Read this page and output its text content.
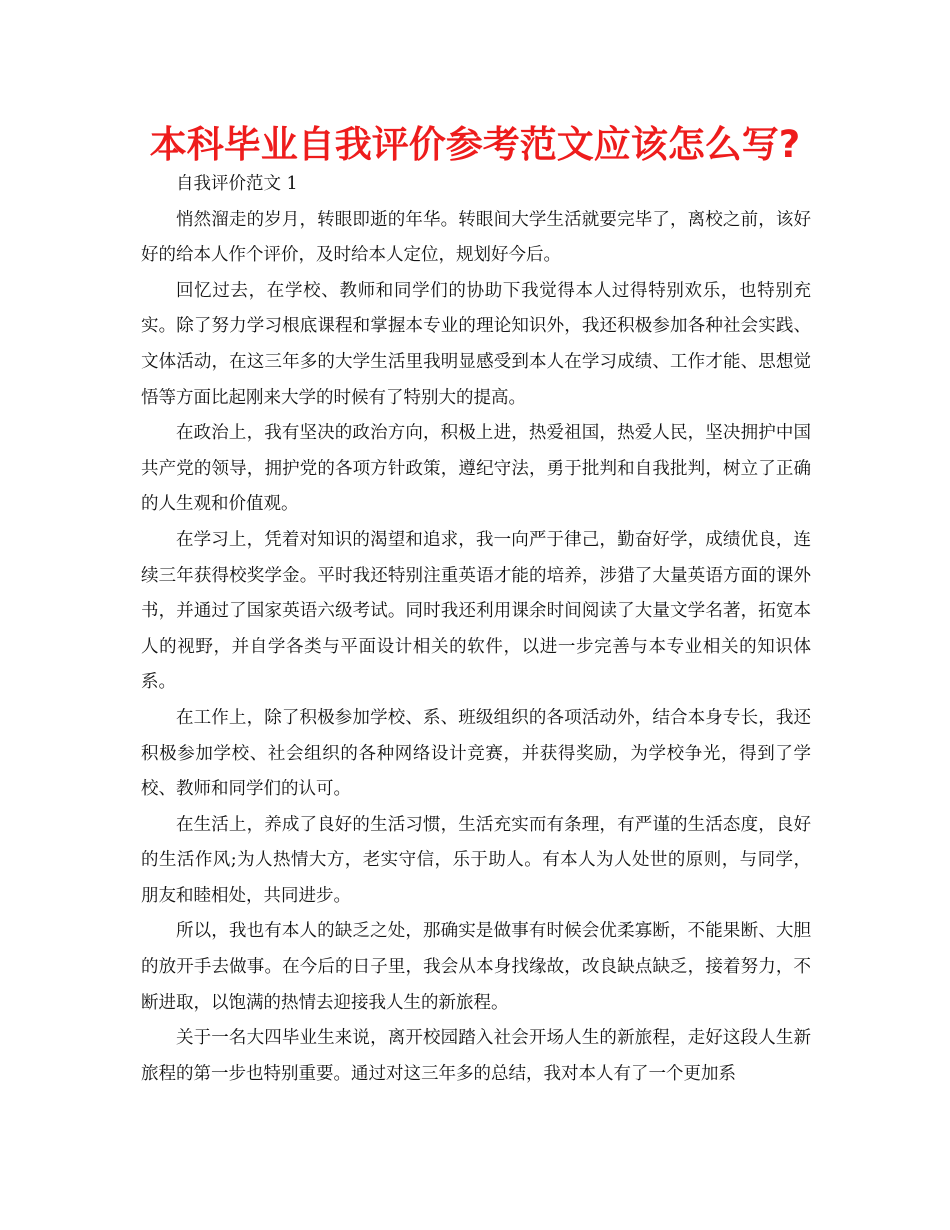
本科毕业自我评价参考范文应该怎么写?

自我评价范文 1

悄然溜走的岁月，转眼即逝的年华。转眼间大学生活就要完毕了，离校之前，该好好的给本人作个评价，及时给本人定位，规划好今后。

回忆过去，在学校、教师和同学们的协助下我觉得本人过得特别欢乐，也特别充实。除了努力学习根底课程和掌握本专业的理论知识外，我还积极参加各种社会实践、文体活动，在这三年多的大学生活里我明显感受到本人在学习成绩、工作才能、思想觉悟等方面比起刚来大学的时候有了特别大的提高。

在政治上，我有坚决的政治方向，积极上进，热爱祖国，热爱人民，坚决拥护中国共产党的领导，拥护党的各项方针政策，遵纪守法，勇于批判和自我批判，树立了正确的人生观和价值观。

在学习上，凭着对知识的渴望和追求，我一向严于律己，勤奋好学，成绩优良，连续三年获得校奖学金。平时我还特别注重英语才能的培养，涉猎了大量英语方面的课外书，并通过了国家英语六级考试。同时我还利用课余时间阅读了大量文学名著，拓宽本人的视野，并自学各类与平面设计相关的软件，以进一步完善与本专业相关的知识体系。

在工作上，除了积极参加学校、系、班级组织的各项活动外，结合本身专长，我还积极参加学校、社会组织的各种网络设计竞赛，并获得奖励，为学校争光，得到了学校、教师和同学们的认可。

在生活上，养成了良好的生活习惯，生活充实而有条理，有严谨的生活态度，良好的生活作风;为人热情大方，老实守信，乐于助人。有本人为人处世的原则，与同学，朋友和睦相处，共同进步。

所以，我也有本人的缺乏之处，那确实是做事有时候会优柔寡断，不能果断、大胆的放开手去做事。在今后的日子里，我会从本身找缘故，改良缺点缺乏，接着努力，不断进取，以饱满的热情去迎接我人生的新旅程。

关于一名大四毕业生来说，离开校园踏入社会开场人生的新旅程，走好这段人生新旅程的第一步也特别重要。通过对这三年多的总结，我对本人有了一个更加系
